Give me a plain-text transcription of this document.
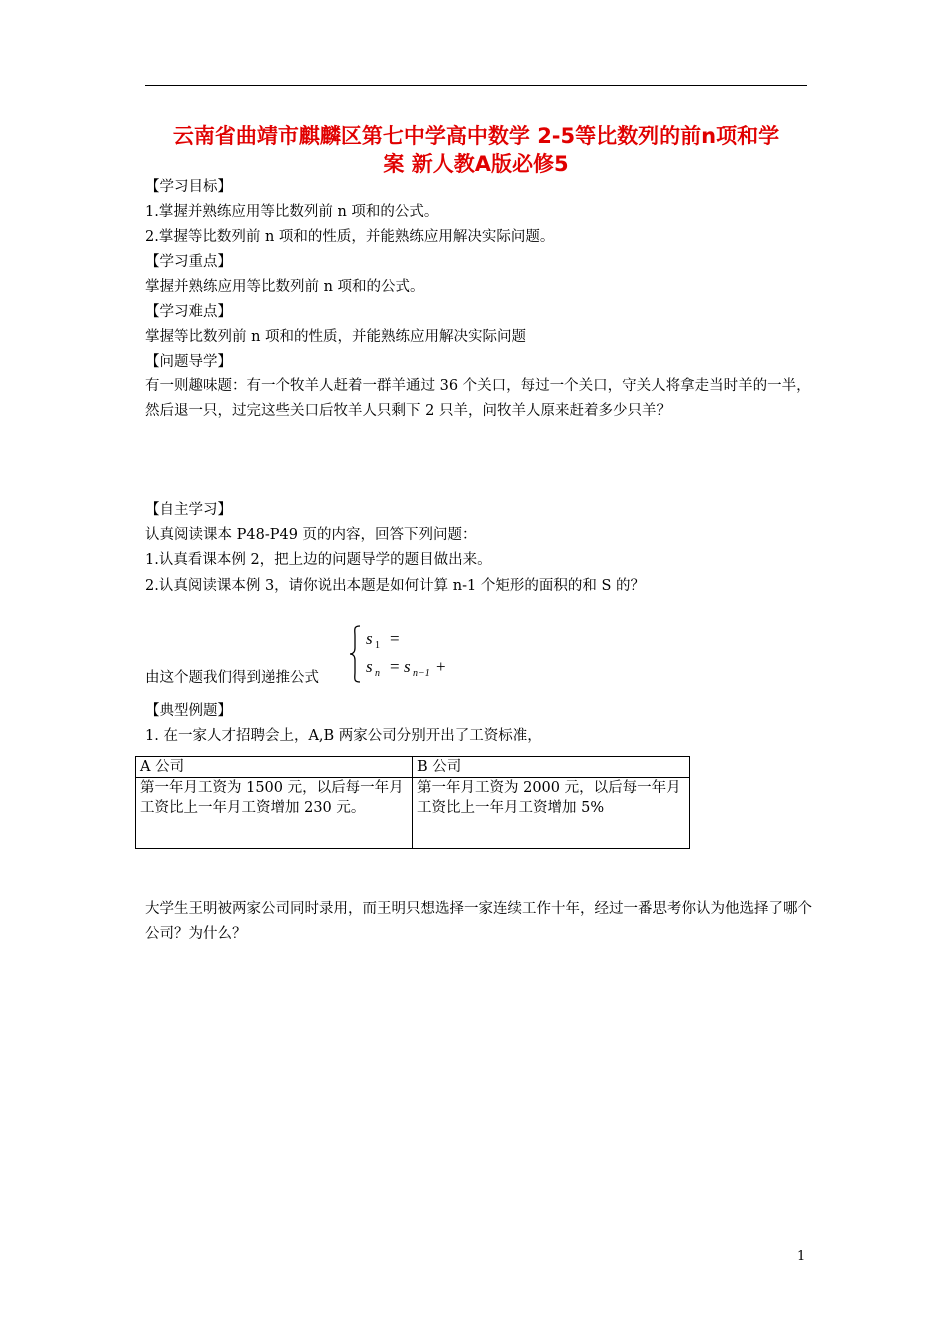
云南省曲靖市麒麟区第七中学高中数学 2-5等比数列的前n项和学
案 新人教A版必修5
【学习目标】
1.掌握并熟练应用等比数列前 n 项和的公式。
2.掌握等比数列前 n 项和的性质，并能熟练应用解决实际问题。
【学习重点】
掌握并熟练应用等比数列前 n 项和的公式。
【学习难点】
掌握等比数列前 n 项和的性质，并能熟练应用解决实际问题
【问题导学】
有一则趣味题：有一个牧羊人赶着一群羊通过 36 个关口，每过一个关口，守关人将拿走当时羊的一半，然后退一只，过完这些关口后牧羊人只剩下 2 只羊，问牧羊人原来赶着多少只羊？
【自主学习】
认真阅读课本 P48-P49 页的内容，回答下列问题：
1.认真看课本例 2，把上边的问题导学的题目做出来。
2.认真阅读课本例 3，请你说出本题是如何计算 n-1 个矩形的面积的和 S 的？
由这个题我们得到递推公式
s 1 =
s n = s n−1 +
【典型例题】
1. 在一家人才招聘会上，A,B 两家公司分别开出了工资标准，
A 公司	B 公司
第一年月工资为 1500 元，以后每一年月工资比上一年月工资增加 230 元。	第一年月工资为 2000 元，以后每一年月工资比上一年月工资增加 5%
大学生王明被两家公司同时录用，而王明只想选择一家连续工作十年，经过一番思考你认为他选择了哪个公司？为什么？
1
